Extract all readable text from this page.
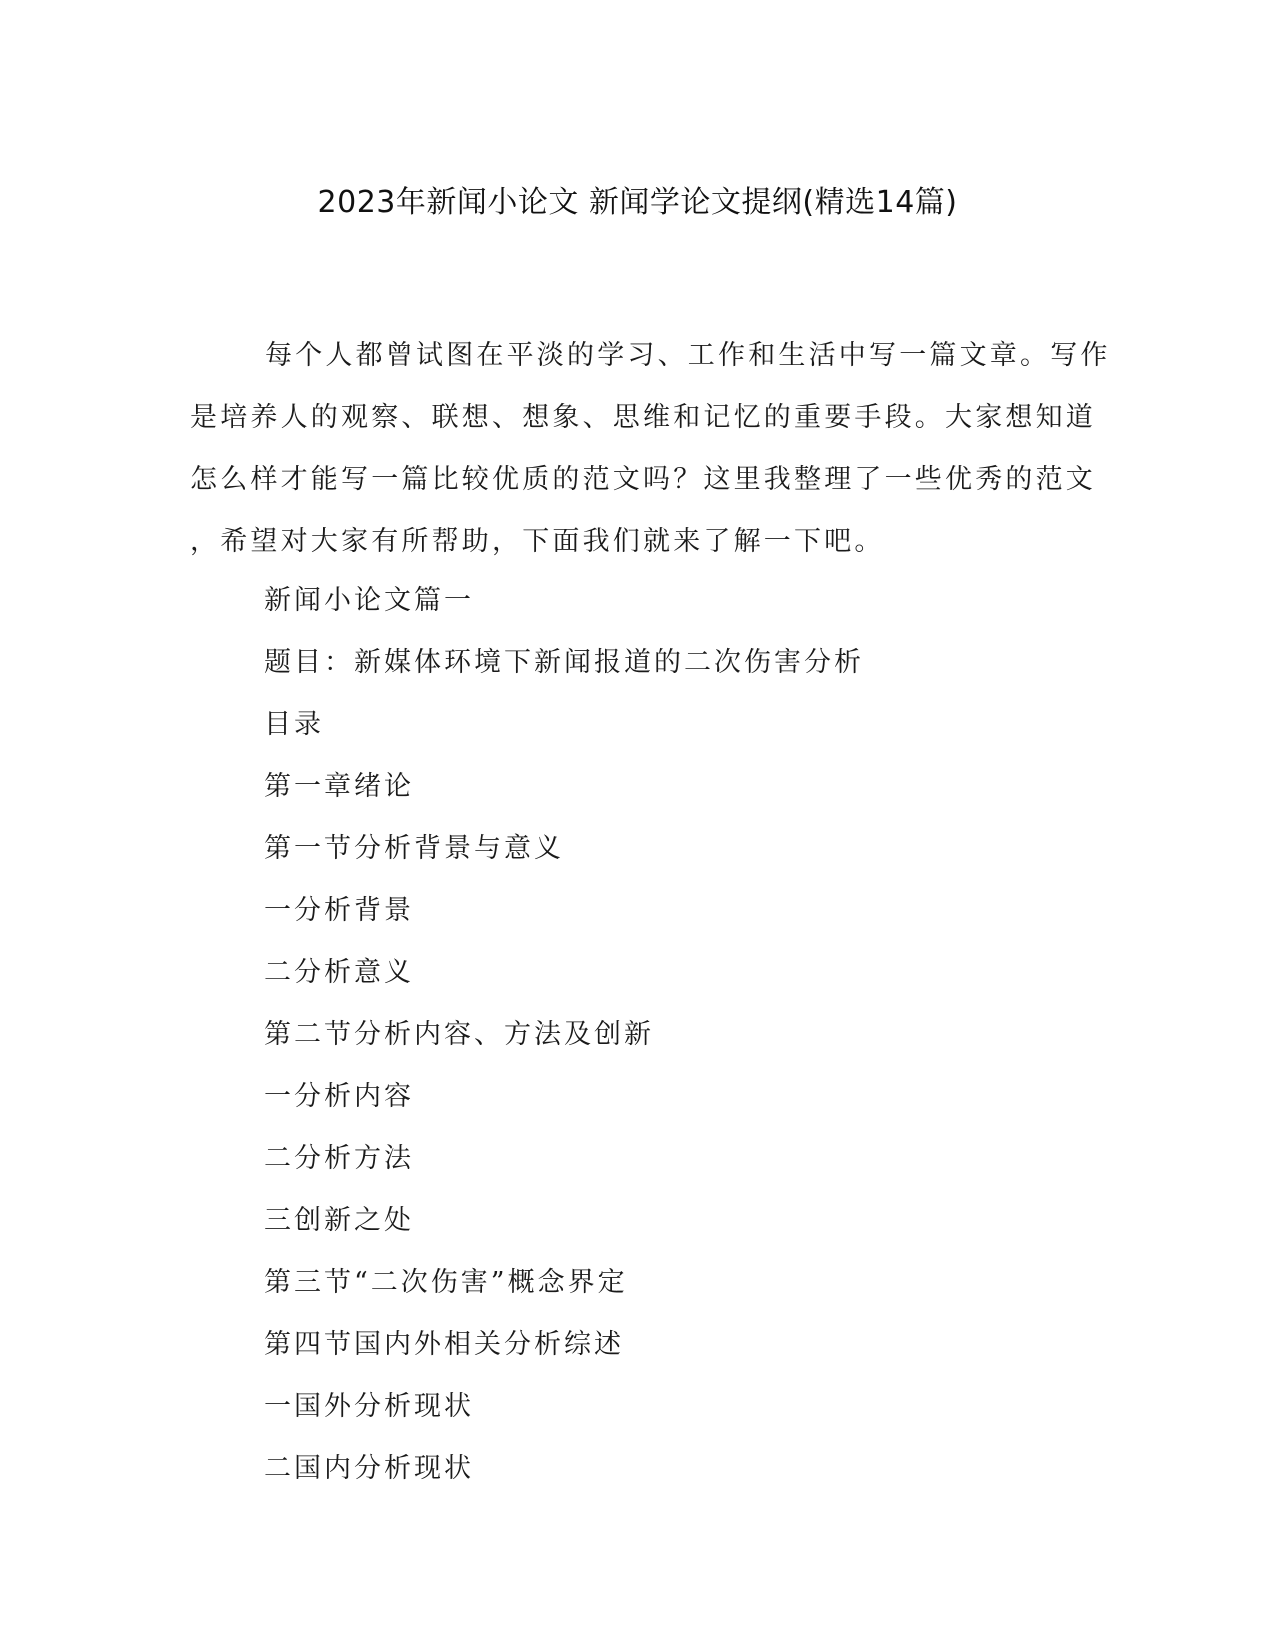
2023年新闻小论文 新闻学论文提纲(精选14篇)
每个人都曾试图在平淡的学习、工作和生活中写一篇文章。写作
是培养人的观察、联想、想象、思维和记忆的重要手段。大家想知道
怎么样才能写一篇比较优质的范文吗？这里我整理了一些优秀的范文
，希望对大家有所帮助，下面我们就来了解一下吧。
新闻小论文篇一
题目：新媒体环境下新闻报道的二次伤害分析
目录
第一章绪论
第一节分析背景与意义
一分析背景
二分析意义
第二节分析内容、方法及创新
一分析内容
二分析方法
三创新之处
第三节“二次伤害”概念界定
第四节国内外相关分析综述
一国外分析现状
二国内分析现状
